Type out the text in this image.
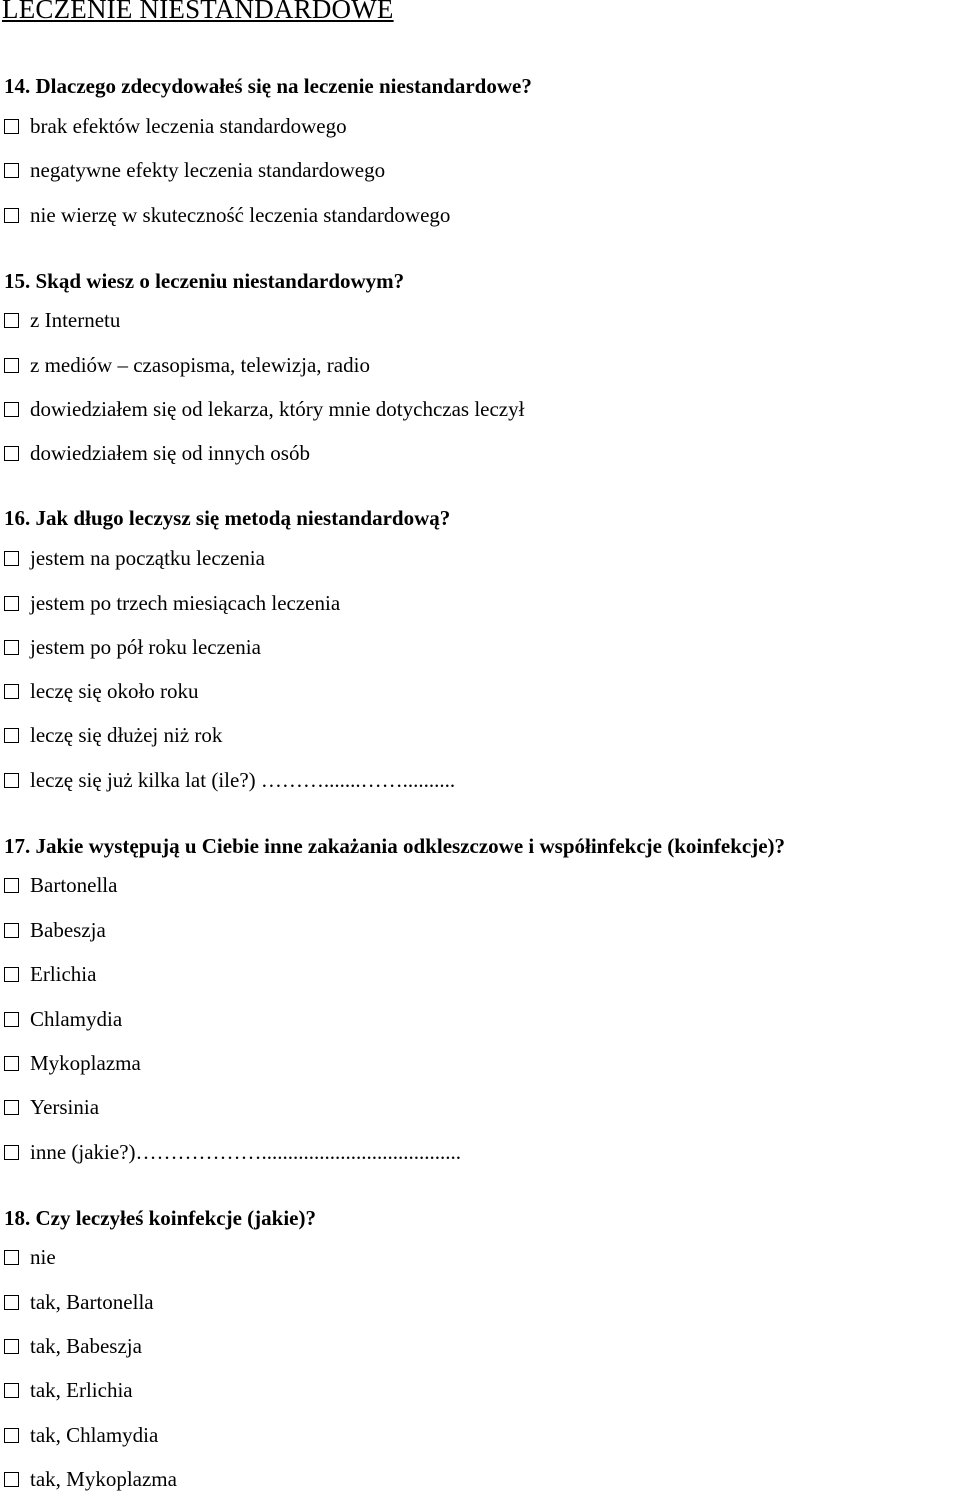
LECZENIE NIESTANDARDOWE

14. Dlaczego zdecydowałeś się na leczenie niestandardowe?

brak efektów leczenia standardowego
negatywne efekty leczenia standardowego
nie wierzę w skuteczność leczenia standardowego

15. Skąd wiesz o leczeniu niestandardowym?

z Internetu
z mediów – czasopisma, telewizja, radio
dowiedziałem się od lekarza, który mnie dotychczas leczył
dowiedziałem się od innych osób

16. Jak długo leczysz się metodą niestandardową?

jestem na początku leczenia
jestem po trzech miesiącach leczenia
jestem po pół roku leczenia
leczę się około roku
leczę się dłużej niż rok
leczę się już kilka lat (ile?) ……….......……..........

17. Jakie występują u Ciebie inne zakażania odkleszczowe i współinfekcje (koinfekcje)?

Bartonella
Babeszja
Erlichia
Chlamydia
Mykoplazma
Yersinia
inne (jakie?)………………......................................

18. Czy leczyłeś koinfekcje (jakie)?

nie
tak, Bartonella
tak, Babeszja
tak, Erlichia
tak, Chlamydia
tak, Mykoplazma
